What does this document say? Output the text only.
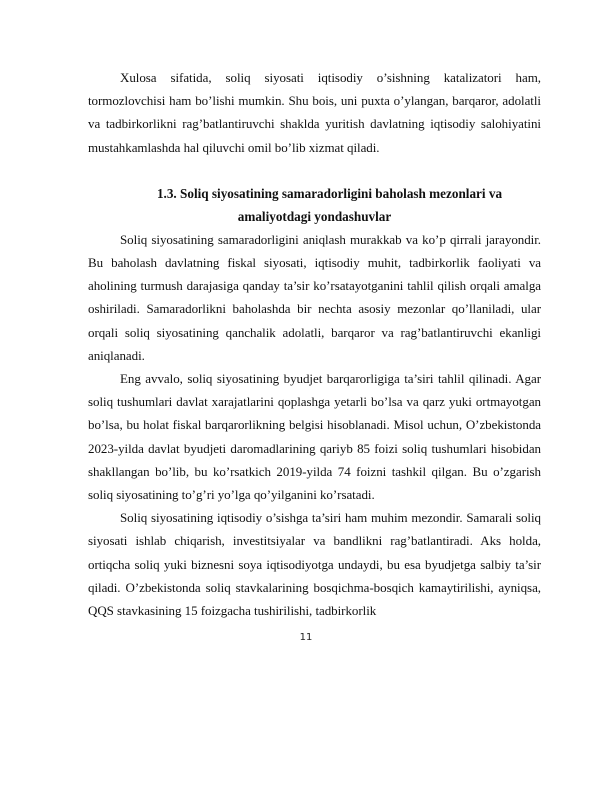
Xulosa sifatida, soliq siyosati iqtisodiy o’sishning katalizatori ham, tormozlovchisi ham bo’lishi mumkin. Shu bois, uni puxta o’ylangan, barqaror, adolatli va tadbirkorlikni rag’batlantiruvchi shaklda yuritish davlatning iqtisodiy salohiyatini mustahkamlashda hal qiluvchi omil bo’lib xizmat qiladi.

1.3. Soliq siyosatining samaradorligini baholash mezonlari va
amaliyotdagi yondashuvlar

Soliq siyosatining samaradorligini aniqlash murakkab va ko’p qirrali jarayondir. Bu baholash davlatning fiskal siyosati, iqtisodiy muhit, tadbirkorlik faoliyati va aholining turmush darajasiga qanday ta’sir ko’rsatayotganini tahlil qilish orqali amalga oshiriladi. Samaradorlikni baholashda bir nechta asosiy mezonlar qo’llaniladi, ular orqali soliq siyosatining qanchalik adolatli, barqaror va rag’batlantiruvchi ekanligi aniqlanadi.

Eng avvalo, soliq siyosatining byudjet barqarorligiga ta’siri tahlil qilinadi. Agar soliq tushumlari davlat xarajatlarini qoplashga yetarli bo’lsa va qarz yuki ortmayotgan bo’lsa, bu holat fiskal barqarorlikning belgisi hisoblanadi. Misol uchun, O’zbekistonda 2023-yilda davlat byudjeti daromadlarining qariyb 85 foizi soliq tushumlari hisobidan shakllangan bo’lib, bu ko’rsatkich 2019-yilda 74 foizni tashkil qilgan. Bu o’zgarish soliq siyosatining to’g’ri yo’lga qo’yilganini ko’rsatadi.

Soliq siyosatining iqtisodiy o’sishga ta’siri ham muhim mezondir. Samarali soliq siyosati ishlab chiqarish, investitsiyalar va bandlikni rag’batlantiradi. Aks holda, ortiqcha soliq yuki biznesni soya iqtisodiyotga undaydi, bu esa byudjetga salbiy ta’sir qiladi. O’zbekistonda soliq stavkalarining bosqichma-bosqich kamaytirilishi, ayniqsa, QQS stavkasining 15 foizgacha tushirilishi, tadbirkorlik

11
